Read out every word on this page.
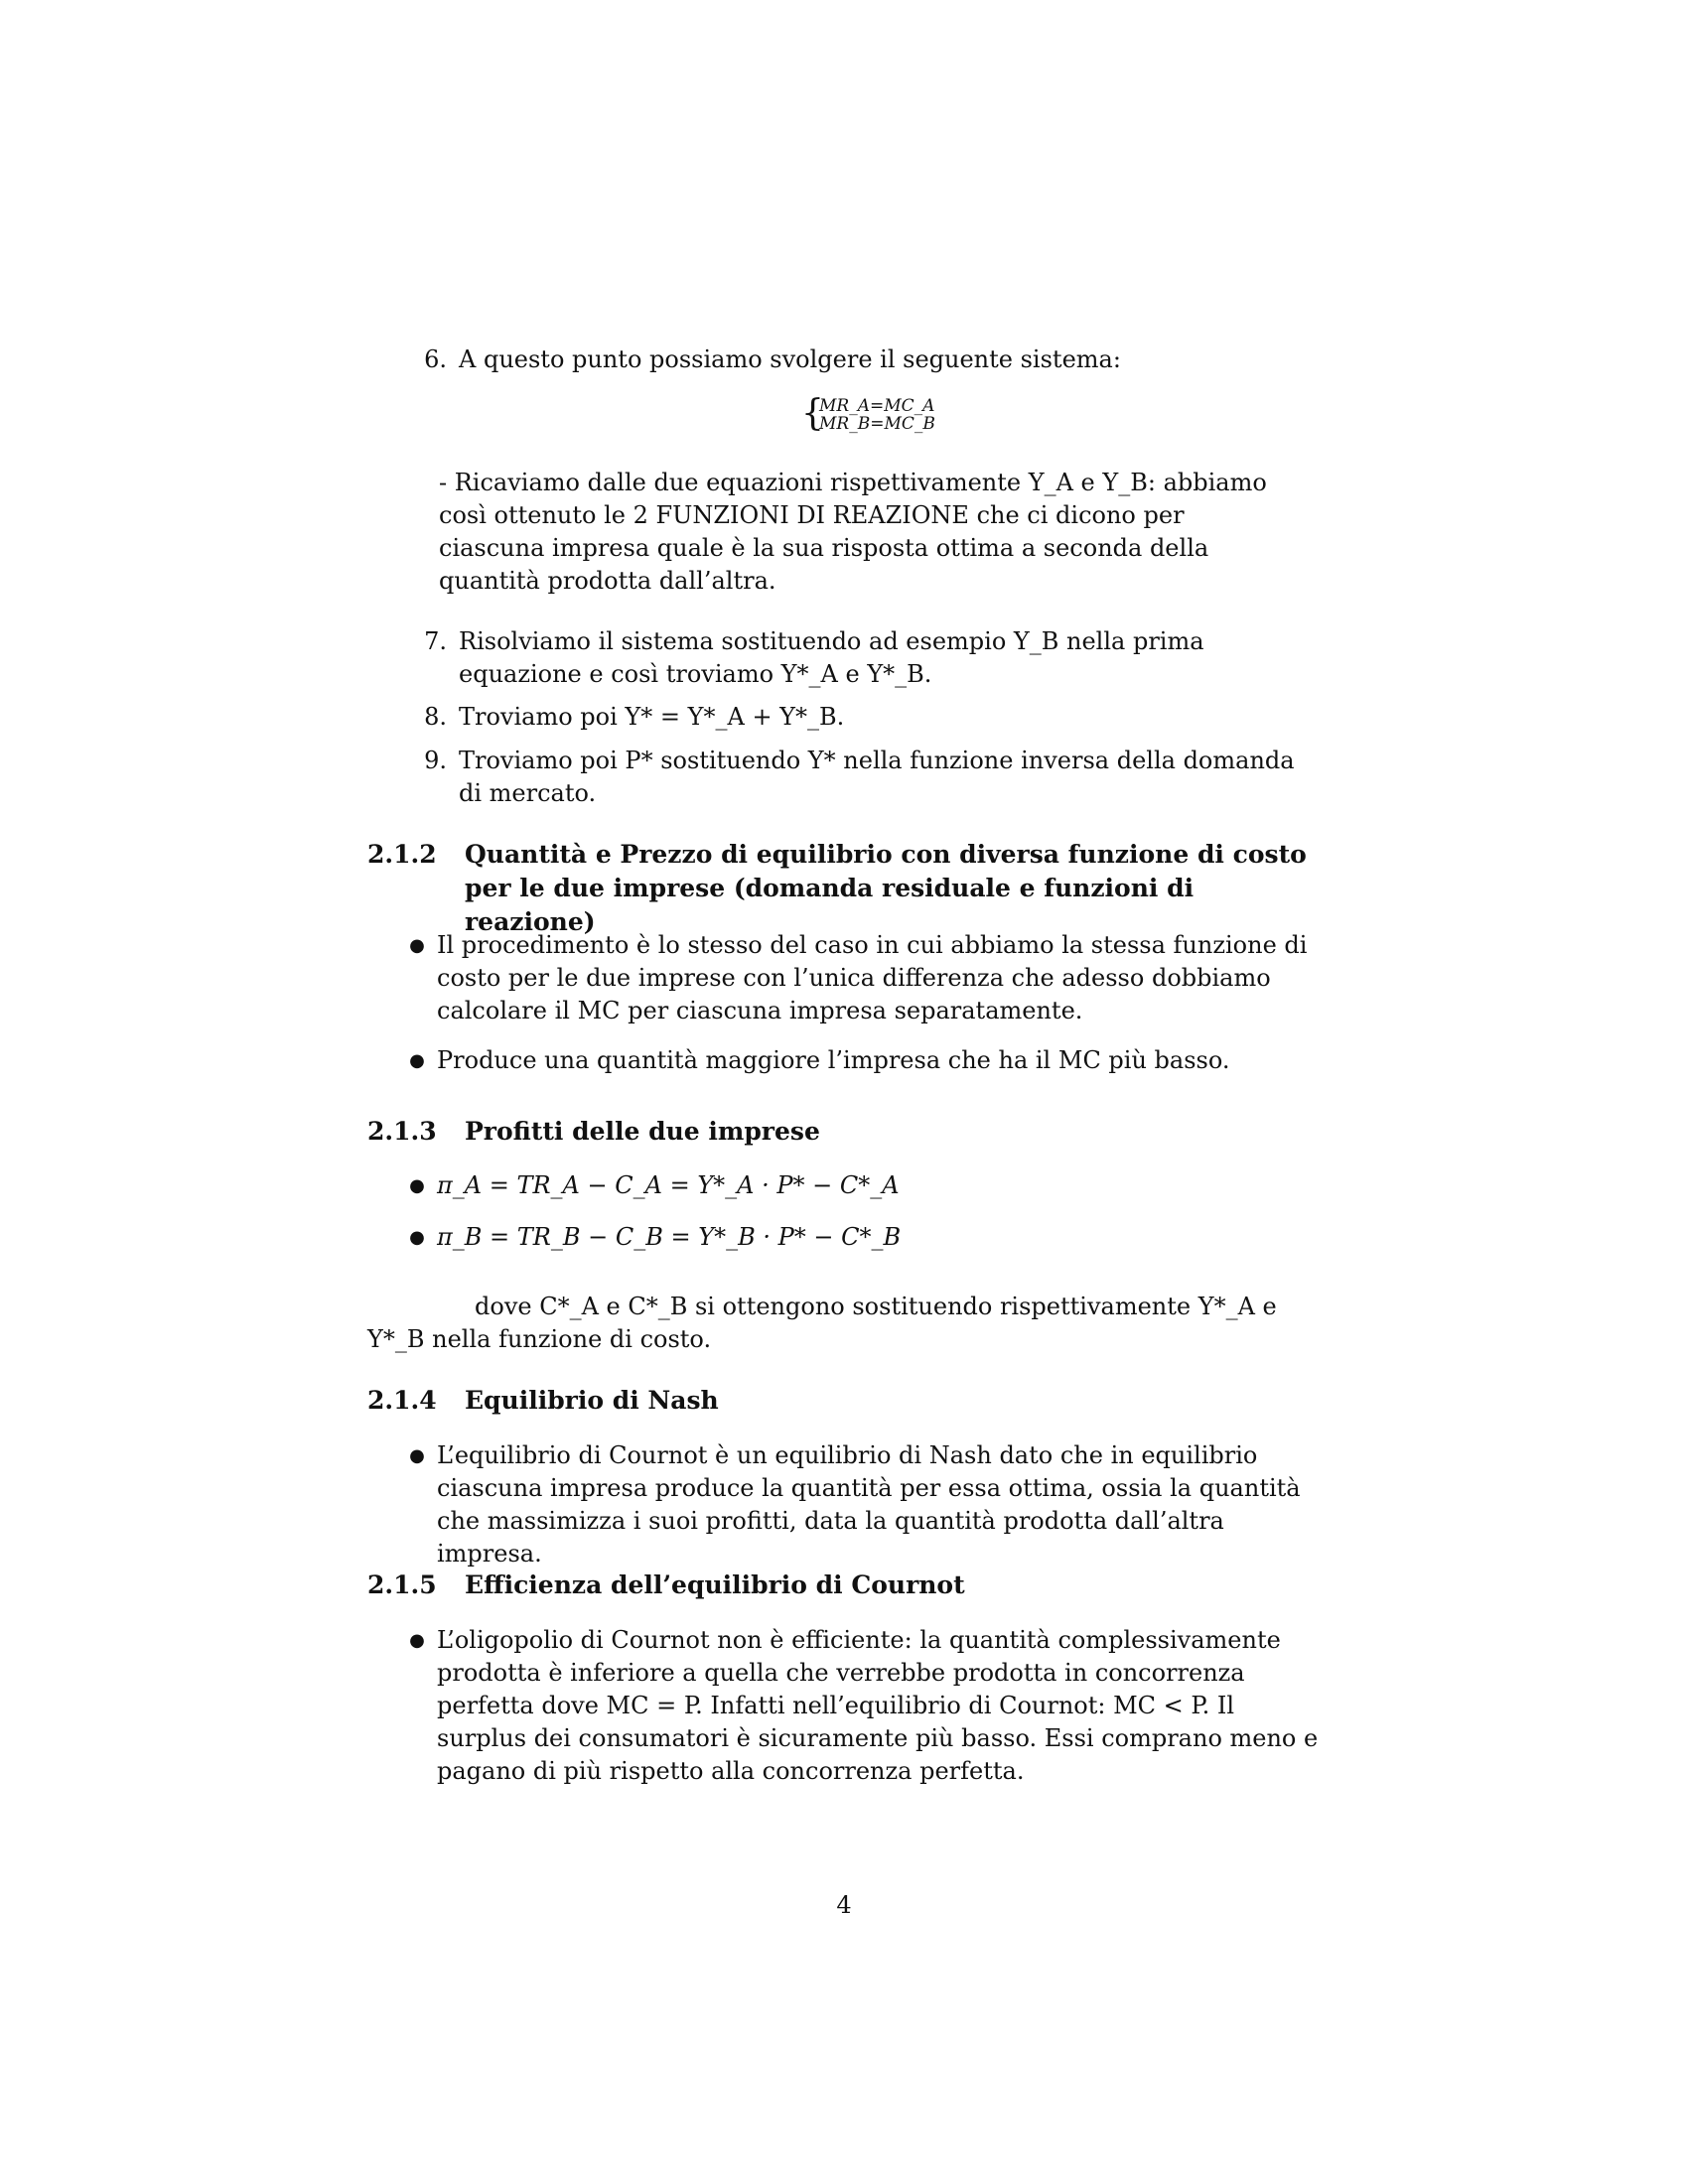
6. A questo punto possiamo svolgere il seguente sistema:
{
MR_A=MC_A
MR_B=MC_B
- Ricaviamo dalle due equazioni rispettivamente Y_A e Y_B: abbiamo così ottenuto le 2 FUNZIONI DI REAZIONE che ci dicono per ciascuna impresa quale è la sua risposta ottima a seconda della quantità prodotta dall’altra.
7. Risolviamo il sistema sostituendo ad esempio Y_B nella prima equazione e così troviamo Y*_A e Y*_B.
8. Troviamo poi Y* = Y*_A + Y*_B.
9. Troviamo poi P* sostituendo Y* nella funzione inversa della domanda di mercato.
2.1.2	Quantità e Prezzo di equilibrio con diversa funzione di costo per le due imprese (domanda residuale e funzioni di reazione)
● Il procedimento è lo stesso del caso in cui abbiamo la stessa funzione di costo per le due imprese con l’unica differenza che adesso dobbiamo calcolare il MC per ciascuna impresa separatamente.
● Produce una quantità maggiore l’impresa che ha il MC più basso.
2.1.3	Profitti delle due imprese
● π_A = TR_A − C_A = Y*_A · P* − C*_A
● π_B = TR_B − C_B = Y*_B · P* − C*_B
dove C*_A e C*_B si ottengono sostituendo rispettivamente Y*_A e Y*_B nella funzione di costo.
2.1.4	Equilibrio di Nash
● L’equilibrio di Cournot è un equilibrio di Nash dato che in equilibrio ciascuna impresa produce la quantità per essa ottima, ossia la quantità che massimizza i suoi profitti, data la quantità prodotta dall’altra impresa.
2.1.5	Efficienza dell’equilibrio di Cournot
● L’oligopolio di Cournot non è efficiente: la quantità complessivamente prodotta è inferiore a quella che verrebbe prodotta in concorrenza perfetta dove MC = P. Infatti nell’equilibrio di Cournot: MC < P. Il surplus dei consumatori è sicuramente più basso. Essi comprano meno e pagano di più rispetto alla concorrenza perfetta.
4
